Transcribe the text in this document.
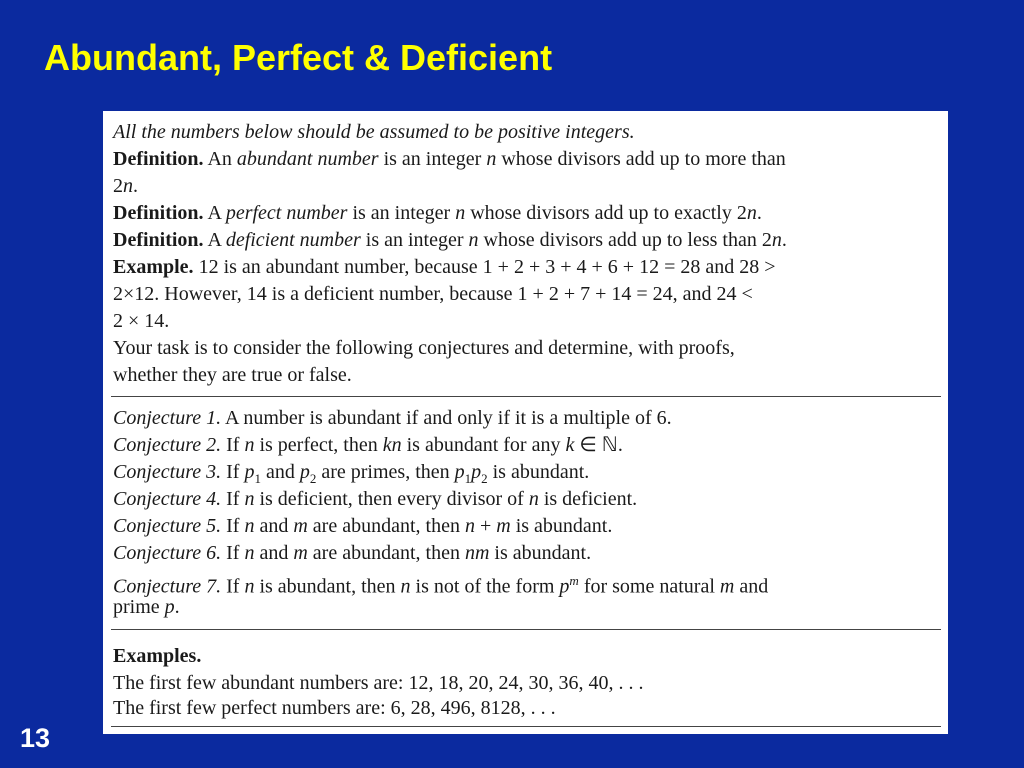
Abundant, Perfect & Deficient
All the numbers below should be assumed to be positive integers.
Definition. An abundant number is an integer n whose divisors add up to more than
2n.
Definition. A perfect number is an integer n whose divisors add up to exactly 2n.
Definition. A deficient number is an integer n whose divisors add up to less than 2n.
Example. 12 is an abundant number, because 1 + 2 + 3 + 4 + 6 + 12 = 28 and 28 >
2×12. However, 14 is a deficient number, because 1 + 2 + 7 + 14 = 24, and 24 <
2 × 14.
Your task is to consider the following conjectures and determine, with proofs,
whether they are true or false.
Conjecture 1. A number is abundant if and only if it is a multiple of 6.
Conjecture 2. If n is perfect, then kn is abundant for any k ∈ ℕ.
Conjecture 3. If $p_1$ and $p_2$ are primes, then $p_1p_2$ is abundant.
Conjecture 4. If n is deficient, then every divisor of n is deficient.
Conjecture 5. If n and m are abundant, then n + m is abundant.
Conjecture 6. If n and m are abundant, then nm is abundant.
Conjecture 7. If n is abundant, then n is not of the form $p^m$ for some natural m and
prime p.
Examples.
The first few abundant numbers are: 12, 18, 20, 24, 30, 36, 40, . . .
The first few perfect numbers are: 6, 28, 496, 8128, . . .
13
